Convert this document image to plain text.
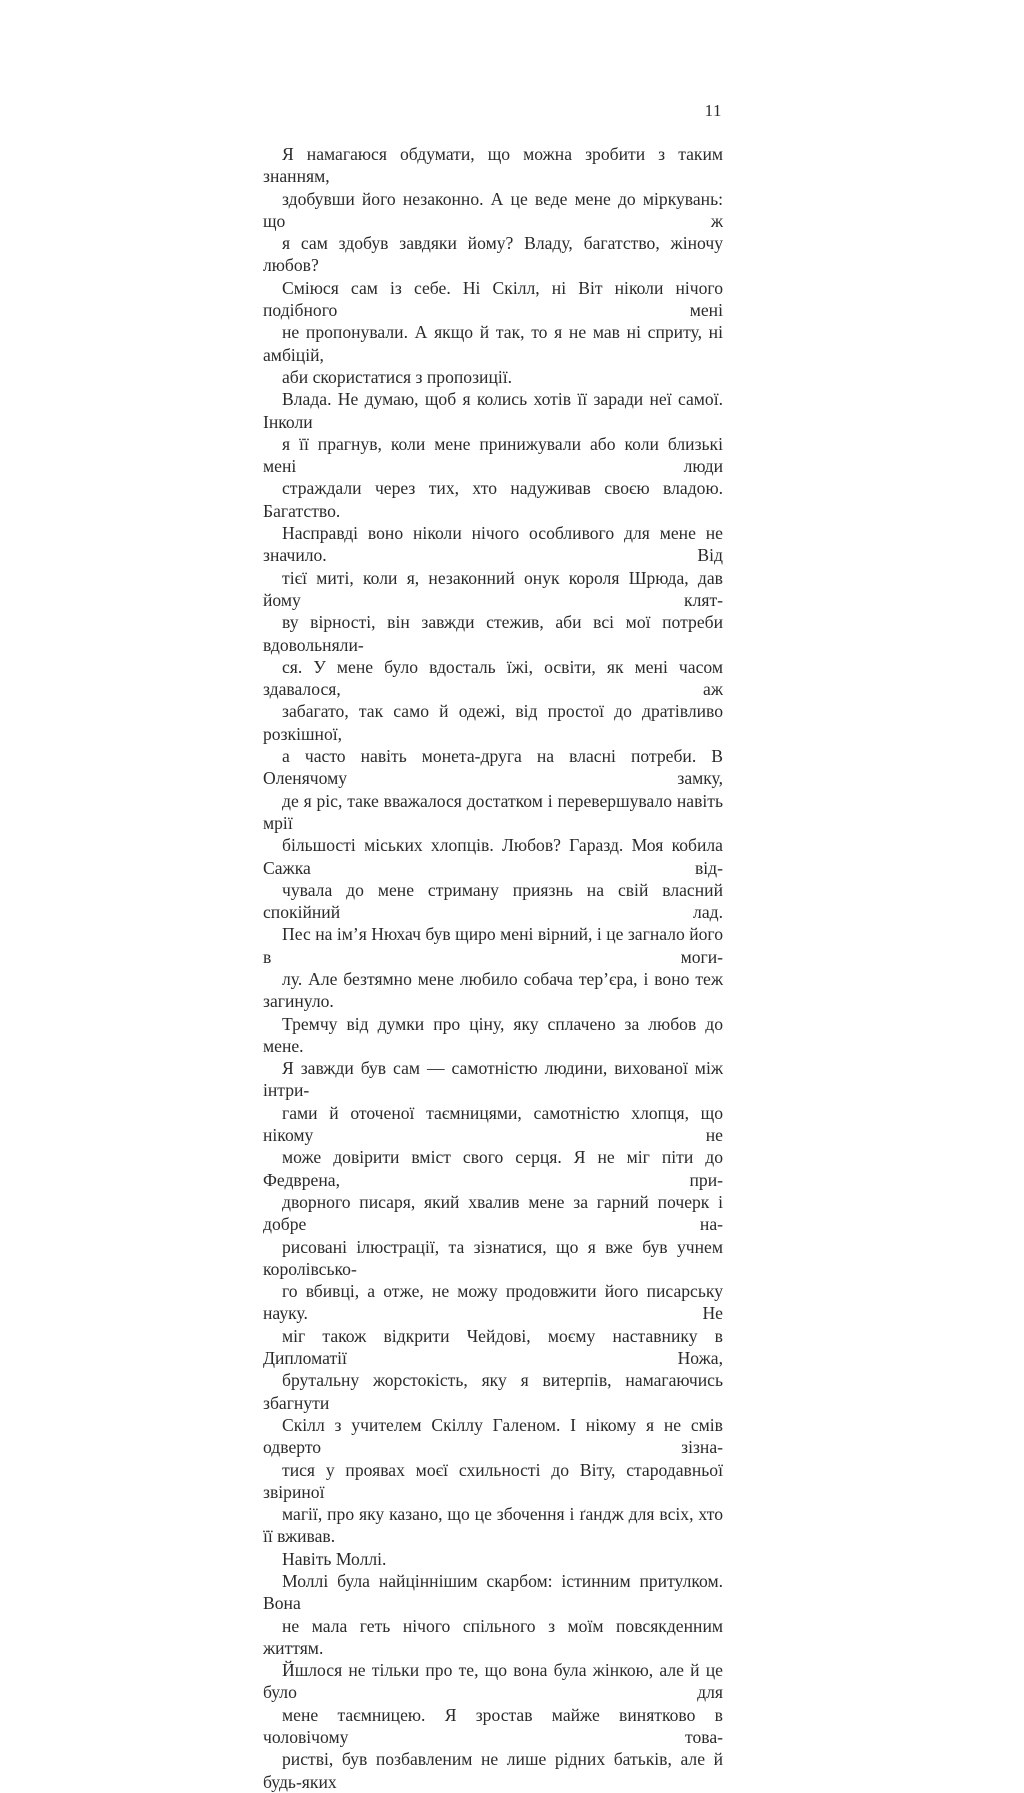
11

Я намагаюся обдумати, що можна зробити з таким знанням,
здобувши його незаконно. А це веде мене до міркувань: що ж
я сам здобув завдяки йому? Владу, багатство, жіночу любов?
Сміюся сам із себе. Ні Скілл, ні Віт ніколи нічого подібного мені
не пропонували. А якщо й так, то я не мав ні сприту, ні амбіцій,
аби скористатися з пропозиції.

Влада. Не думаю, щоб я колись хотів її заради неї самої. Інколи
я її прагнув, коли мене принижували або коли близькі мені люди
страждали через тих, хто надуживав своєю владою. Багатство.
Насправді воно ніколи нічого особливого для мене не значило. Від
тієї миті, коли я, незаконний онук короля Шрюда, дав йому клят-
ву вірності, він завжди стежив, аби всі мої потреби вдовольняли-
ся. У мене було вдосталь їжі, освіти, як мені часом здавалося, аж
забагато, так само й одежі, від простої до дратівливо розкішної,
а часто навіть монета-друга на власні потреби. В Оленячому замку,
де я ріс, таке вважалося достатком і перевершувало навіть мрії
більшості міських хлопців. Любов? Гаразд. Моя кобила Сажка від-
чувала до мене стриману приязнь на свій власний спокійний лад.
Пес на ім’я Нюхач був щиро мені вірний, і це загнало його в моги-
лу. Але безтямно мене любило собача тер’єра, і воно теж загинуло.
Тремчу від думки про ціну, яку сплачено за любов до мене.

Я завжди був сам — самотністю людини, вихованої між інтри-
гами й оточеної таємницями, самотністю хлопця, що нікому не
може довірити вміст свого серця. Я не міг піти до Федврена, при-
дворного писаря, який хвалив мене за гарний почерк і добре на-
рисовані ілюстрації, та зізнатися, що я вже був учнем королівсько-
го вбивці, а отже, не можу продовжити його писарську науку. Не
міг також відкрити Чейдові, моєму наставнику в Дипломатії Ножа,
брутальну жорстокість, яку я витерпів, намагаючись збагнути
Скілл з учителем Скіллу Галеном. І нікому я не смів одверто зізна-
тися у проявах моєї схильності до Віту, стародавньої звіриної
магії, про яку казано, що це збочення і ґандж для всіх, хто її вживав.

Навіть Моллі.

Моллі була найціннішим скарбом: істинним притулком. Вона
не мала геть нічого спільного з моїм повсякденним життям.
Йшлося не тільки про те, що вона була жінкою, але й це було для
мене таємницею. Я зростав майже винятково в чоловічому това-
ристві, був позбавленим не лише рідних батьків, але й будь-яких
